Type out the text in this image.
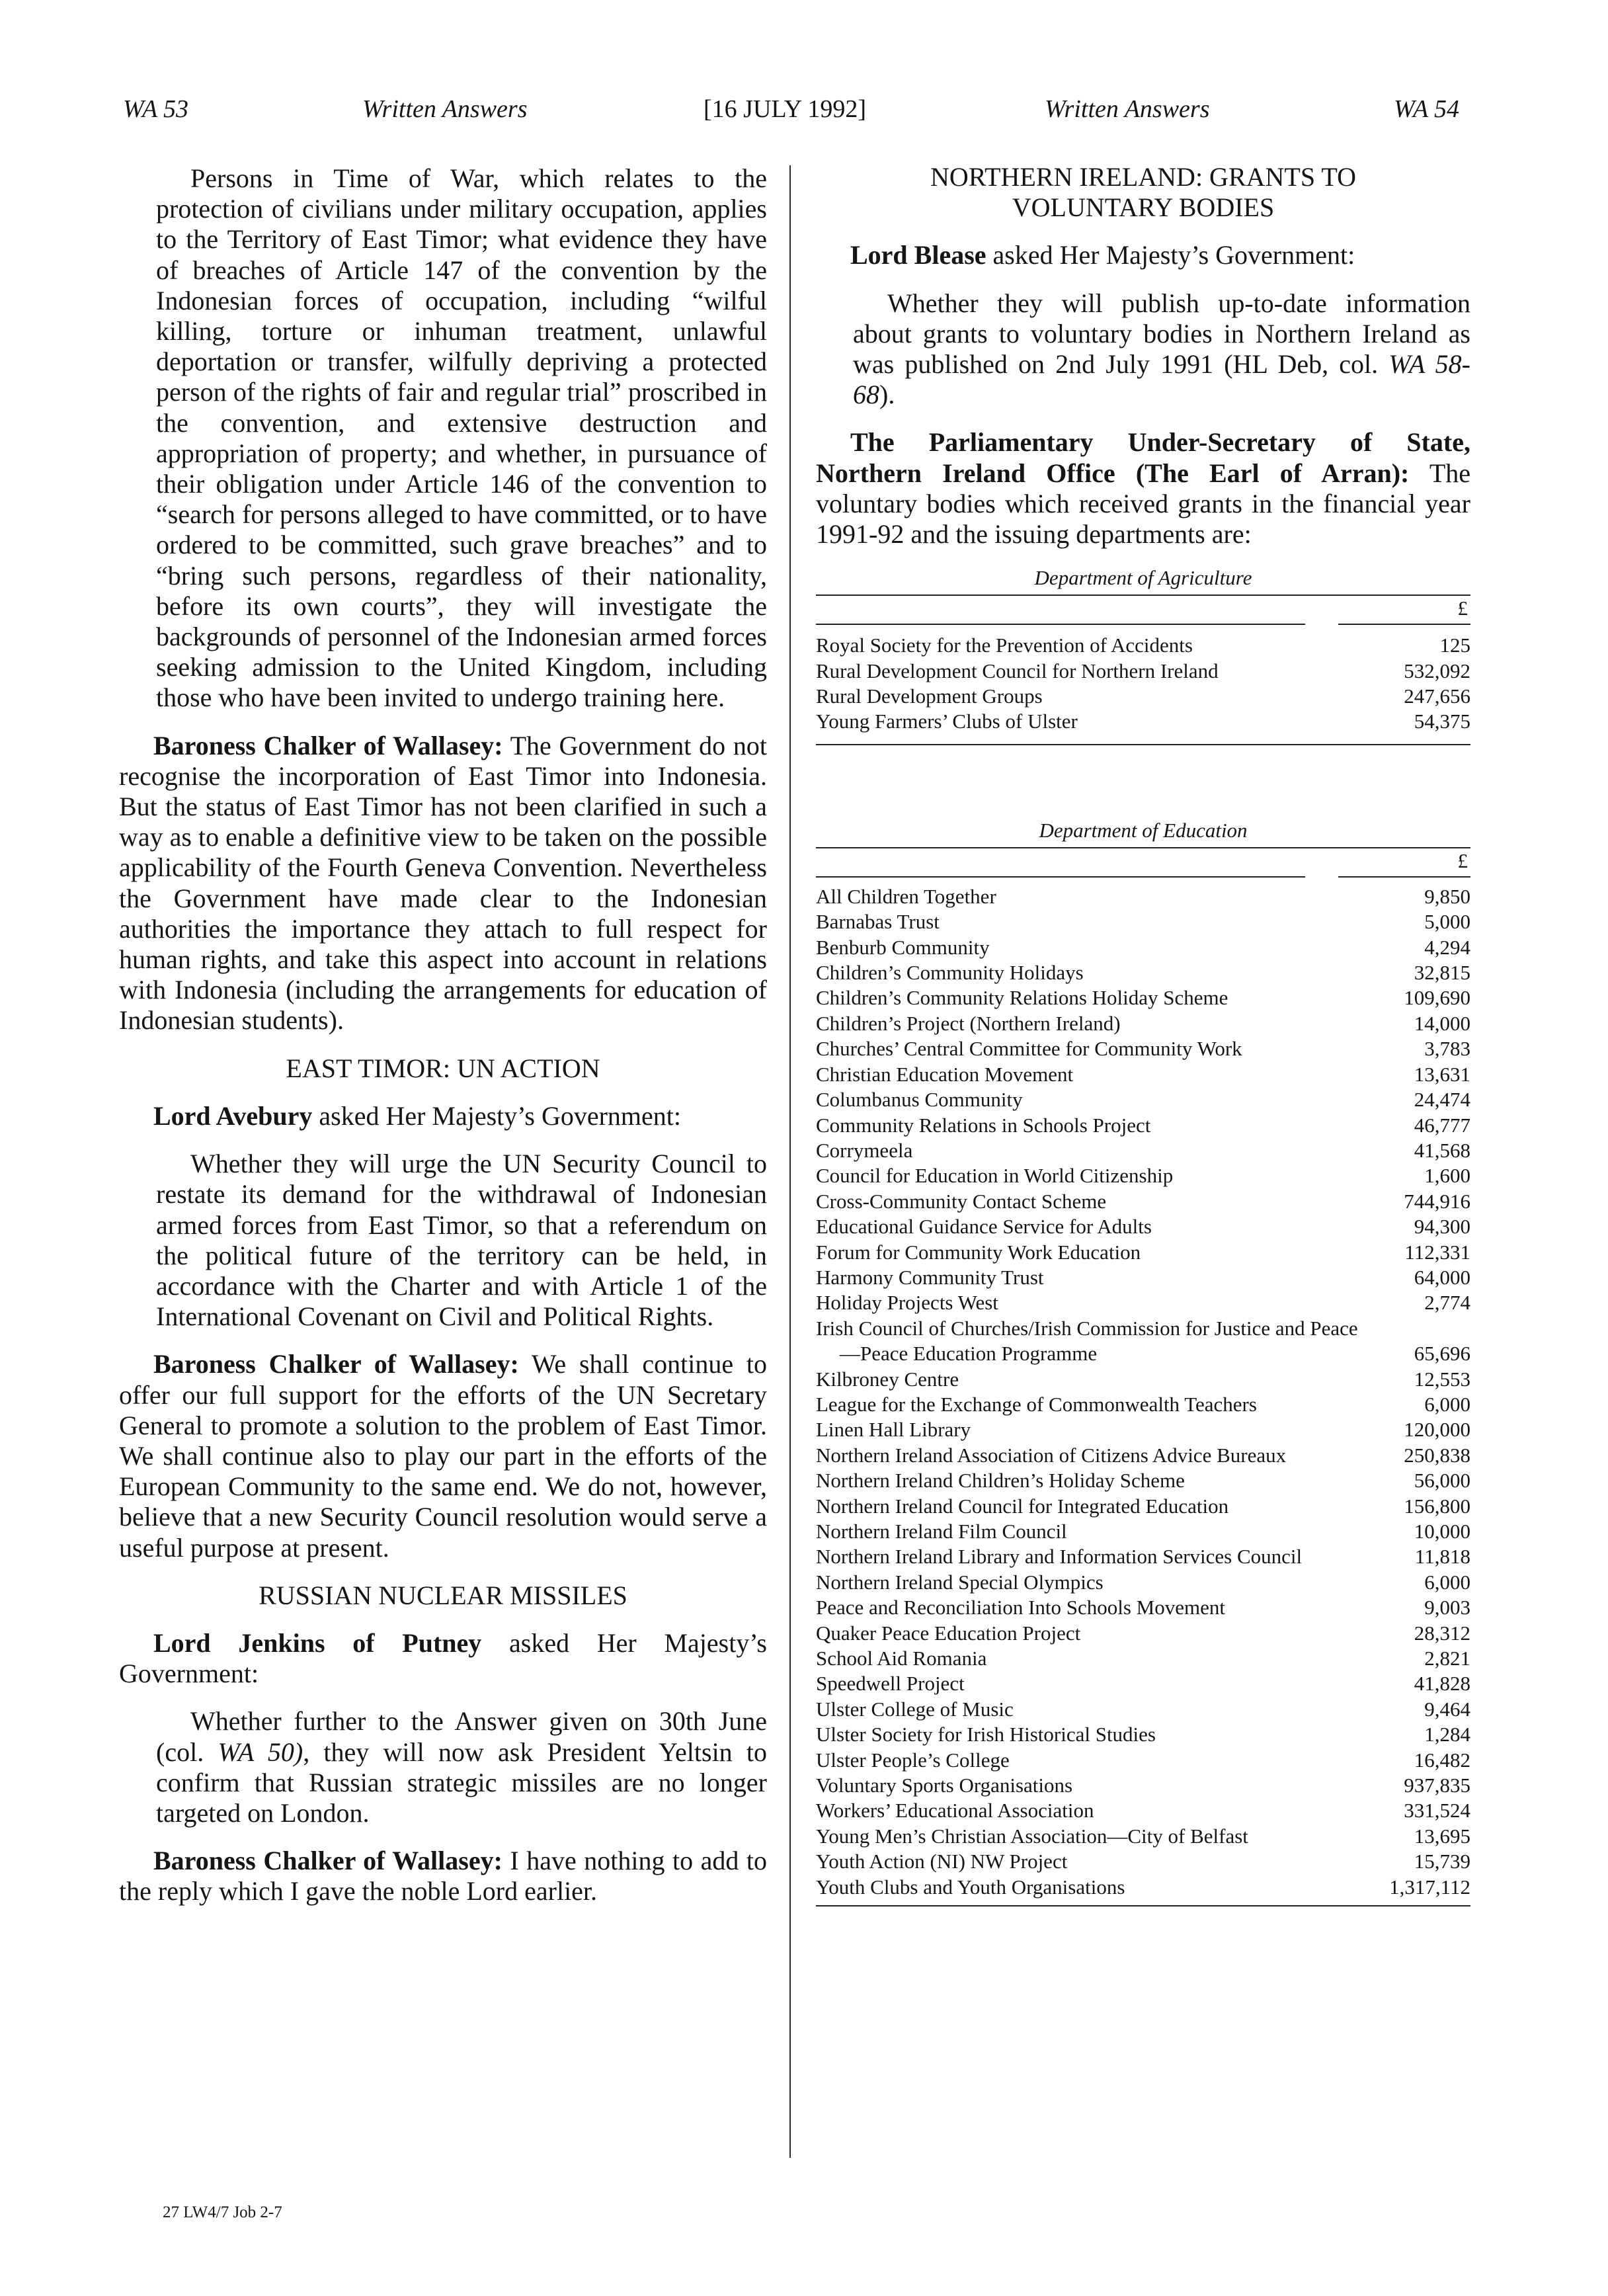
WA 53	Written Answers	[16 JULY 1992]	Written Answers	WA 54

Persons in Time of War, which relates to the protection of civilians under military occupation, applies to the Territory of East Timor; what evidence they have of breaches of Article 147 of the convention by the Indonesian forces of occupation, including “wilful killing, torture or inhuman treatment, unlawful deportation or transfer, wilfully depriving a protected person of the rights of fair and regular trial” proscribed in the convention, and extensive destruction and appropriation of property; and whether, in pursuance of their obligation under Article 146 of the convention to “search for persons alleged to have committed, or to have ordered to be committed, such grave breaches” and to “bring such persons, regardless of their nationality, before its own courts”, they will investigate the backgrounds of personnel of the Indonesian armed forces seeking admission to the United Kingdom, including those who have been invited to undergo training here.

Baroness Chalker of Wallasey: The Government do not recognise the incorporation of East Timor into Indonesia. But the status of East Timor has not been clarified in such a way as to enable a definitive view to be taken on the possible applicability of the Fourth Geneva Convention. Nevertheless the Government have made clear to the Indonesian authorities the importance they attach to full respect for human rights, and take this aspect into account in relations with Indonesia (including the arrangements for education of Indonesian students).

EAST TIMOR: UN ACTION

Lord Avebury asked Her Majesty’s Government:

Whether they will urge the UN Security Council to restate its demand for the withdrawal of Indonesian armed forces from East Timor, so that a referendum on the political future of the territory can be held, in accordance with the Charter and with Article 1 of the International Covenant on Civil and Political Rights.

Baroness Chalker of Wallasey: We shall continue to offer our full support for the efforts of the UN Secretary General to promote a solution to the problem of East Timor. We shall continue also to play our part in the efforts of the European Community to the same end. We do not, however, believe that a new Security Council resolution would serve a useful purpose at present.

RUSSIAN NUCLEAR MISSILES

Lord Jenkins of Putney asked Her Majesty’s Government:

Whether further to the Answer given on 30th June (col. WA 50), they will now ask President Yeltsin to confirm that Russian strategic missiles are no longer targeted on London.

Baroness Chalker of Wallasey: I have nothing to add to the reply which I gave the noble Lord earlier.

NORTHERN IRELAND: GRANTS TO VOLUNTARY BODIES

Lord Blease asked Her Majesty’s Government:

Whether they will publish up-to-date information about grants to voluntary bodies in Northern Ireland as was published on 2nd July 1991 (HL Deb, col. WA 58-68).

The Parliamentary Under-Secretary of State, Northern Ireland Office (The Earl of Arran): The voluntary bodies which received grants in the financial year 1991-92 and the issuing departments are:

Department of Agriculture
£
Royal Society for the Prevention of Accidents	125
Rural Development Council for Northern Ireland	532,092
Rural Development Groups	247,656
Young Farmers’ Clubs of Ulster	54,375
Department of Education
£
All Children Together	9,850
Barnabas Trust	5,000
Benburb Community	4,294
Children’s Community Holidays	32,815
Children’s Community Relations Holiday Scheme	109,690
Children’s Project (Northern Ireland)	14,000
Churches’ Central Committee for Community Work	3,783
Christian Education Movement	13,631
Columbanus Community	24,474
Community Relations in Schools Project	46,777
Corrymeela	41,568
Council for Education in World Citizenship	1,600
Cross-Community Contact Scheme	744,916
Educational Guidance Service for Adults	94,300
Forum for Community Work Education	112,331
Harmony Community Trust	64,000
Holiday Projects West	2,774
Irish Council of Churches/Irish Commission for Justice and Peace—Peace Education Programme	65,696
Kilbroney Centre	12,553
League for the Exchange of Commonwealth Teachers	6,000
Linen Hall Library	120,000
Northern Ireland Association of Citizens Advice Bureaux	250,838
Northern Ireland Children’s Holiday Scheme	56,000
Northern Ireland Council for Integrated Education	156,800
Northern Ireland Film Council	10,000
Northern Ireland Library and Information Services Council	11,818
Northern Ireland Special Olympics	6,000
Peace and Reconciliation Into Schools Movement	9,003
Quaker Peace Education Project	28,312
School Aid Romania	2,821
Speedwell Project	41,828
Ulster College of Music	9,464
Ulster Society for Irish Historical Studies	1,284
Ulster People’s College	16,482
Voluntary Sports Organisations	937,835
Workers’ Educational Association	331,524
Young Men’s Christian Association—City of Belfast	13,695
Youth Action (NI) NW Project	15,739
Youth Clubs and Youth Organisations	1,317,112
27 LW4/7 Job 2-7
